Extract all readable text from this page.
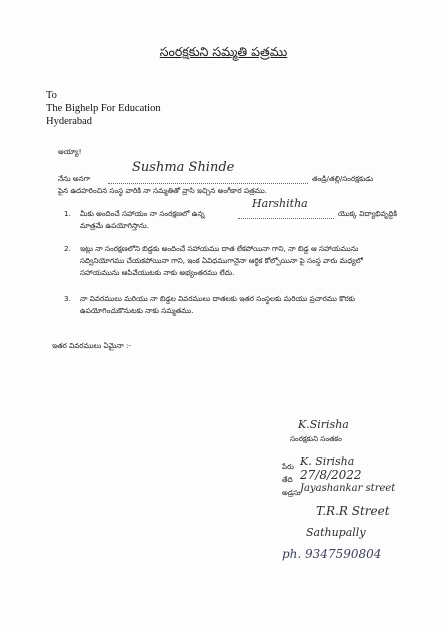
సంరక్షకుని సమ్మతి పత్రము
To
The Bighelp For Education
Hyderabad
అయ్యా!
నేను అనగా
Sushma Shinde
తండ్రి/తల్లి/సంరక్షకుడు
పైన ఉదహరించిన సంస్థ వారికి నా సమ్మతితో వ్రాసి ఇచ్చిన అంగీకార పత్రము.
1. మీకు అందించే సహాయం నా సంరక్షణలో ఉన్న
Harshitha
యొక్క విద్యాభివృద్ధికి
మాత్రమే ఉపయోగిస్తాను.
2. ఇట్లు నా సంరక్షణలోని బిడ్డకు అందించే సహాయము దాత లేకపోయినా గాని, నా బిడ్డ ఆ సహాయమును
సద్వినియోగము చేయకపోయినా గాని, ఇంక ఏవిధముగానైనా ఆర్థిక కోల్పోయినా పై సంస్థ వారు మధ్యలో
సహాయమును ఆపివేయుటకు నాకు అభ్యంతరము లేదు.
3. నా వివరములు మరియు నా బిడ్డల వివరములు దాతలకు ఇతర సంస్థలకు మరియు ప్రచారము కొరకు
ఉపయోగించుకొనుటకు నాకు సమ్మతము.
ఇతర వివరములు ఏమైనా :-
K.Sirisha
సంరక్షకుని సంతకం
పేరు K. Sirisha
తేది 27/8/2022
అడ్రసు Jayashankar street
T.R.R Street
Sathupally
ph. 9347590804
